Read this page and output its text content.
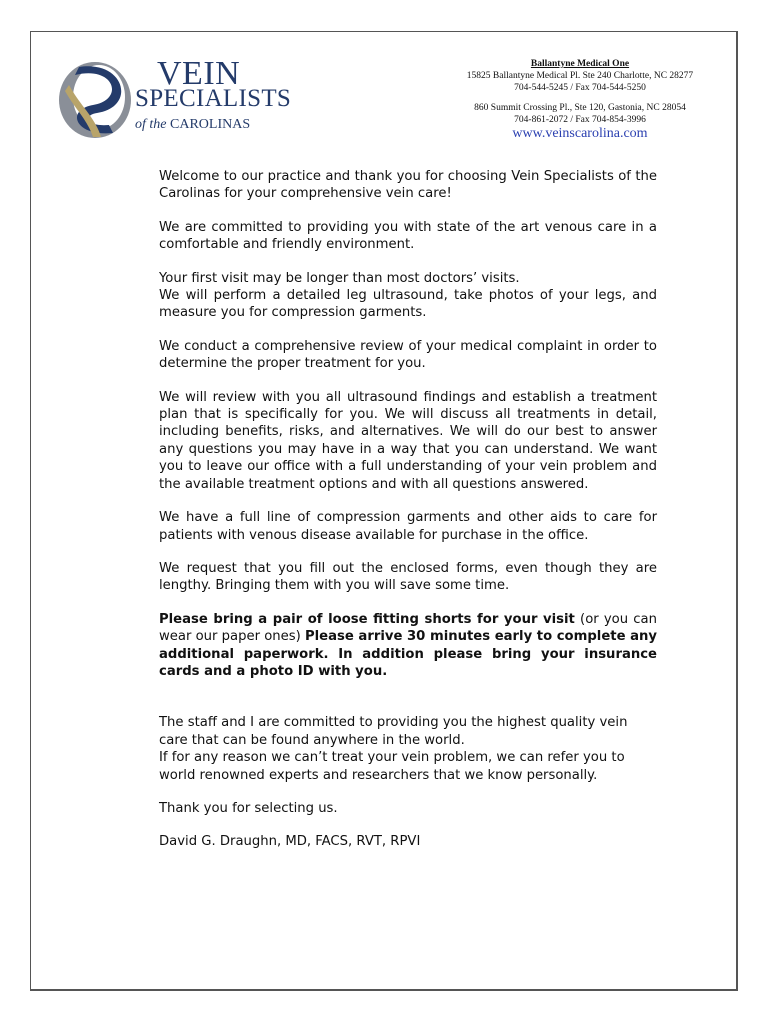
VEIN
SPECIALISTS
of the CAROLINAS
Ballantyne Medical One
15825 Ballantyne Medical Pl. Ste 240 Charlotte, NC 28277
704-544-5245 / Fax 704-544-5250
860 Summit Crossing Pl., Ste 120, Gastonia, NC 28054
704-861-2072 / Fax 704-854-3996
www.veinscarolina.com

Welcome to our practice and thank you for choosing Vein Specialists of the Carolinas for your comprehensive vein care!

We are committed to providing you with state of the art venous care in a comfortable and friendly environment.

Your first visit may be longer than most doctors’ visits.
We will perform a detailed leg ultrasound, take photos of your legs, and measure you for compression garments.

We conduct a comprehensive review of your medical complaint in order to determine the proper treatment for you.

We will review with you all ultrasound findings and establish a treatment plan that is specifically for you. We will discuss all treatments in detail, including benefits, risks, and alternatives. We will do our best to answer any questions you may have in a way that you can understand. We want you to leave our office with a full understanding of your vein problem and the available treatment options and with all questions answered.

We have a full line of compression garments and other aids to care for patients with venous disease available for purchase in the office.

We request that you fill out the enclosed forms, even though they are lengthy. Bringing them with you will save some time.

Please bring a pair of loose fitting shorts for your visit (or you can wear our paper ones) Please arrive 30 minutes early to complete any additional paperwork. In addition please bring your insurance cards and a photo ID with you.

The staff and I are committed to providing you the highest quality vein care that can be found anywhere in the world.
If for any reason we can’t treat your vein problem, we can refer you to world renowned experts and researchers that we know personally.

Thank you for selecting us.

David G. Draughn, MD, FACS, RVT, RPVI
